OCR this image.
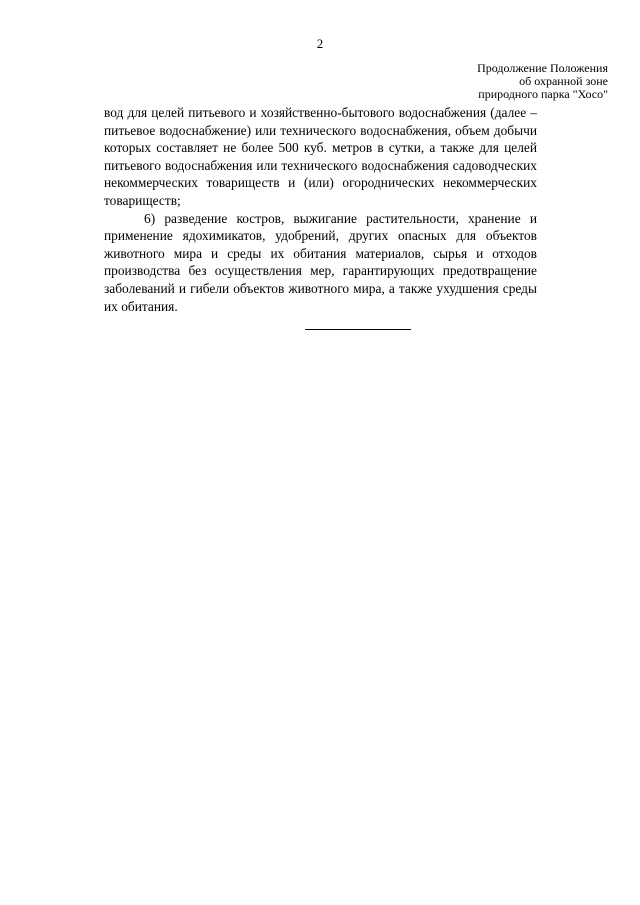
2
Продолжение Положения
об охранной зоне
природного парка "Хосо"

вод для целей питьевого и хозяйственно-бытового водоснабжения (далее – питьевое водоснабжение) или технического водоснабжения, объем добычи которых составляет не более 500 куб. метров в сутки, а также для целей питьевого водоснабжения или технического водоснабжения садоводческих некоммерческих товариществ и (или) огороднических некоммерческих товариществ;

6) разведение костров, выжигание растительности, хранение и применение ядохимикатов, удобрений, других опасных для объектов животного мира и среды их обитания материалов, сырья и отходов производства без осуществления мер, гарантирующих предотвращение заболеваний и гибели объектов животного мира, а также ухудшения среды их обитания.
